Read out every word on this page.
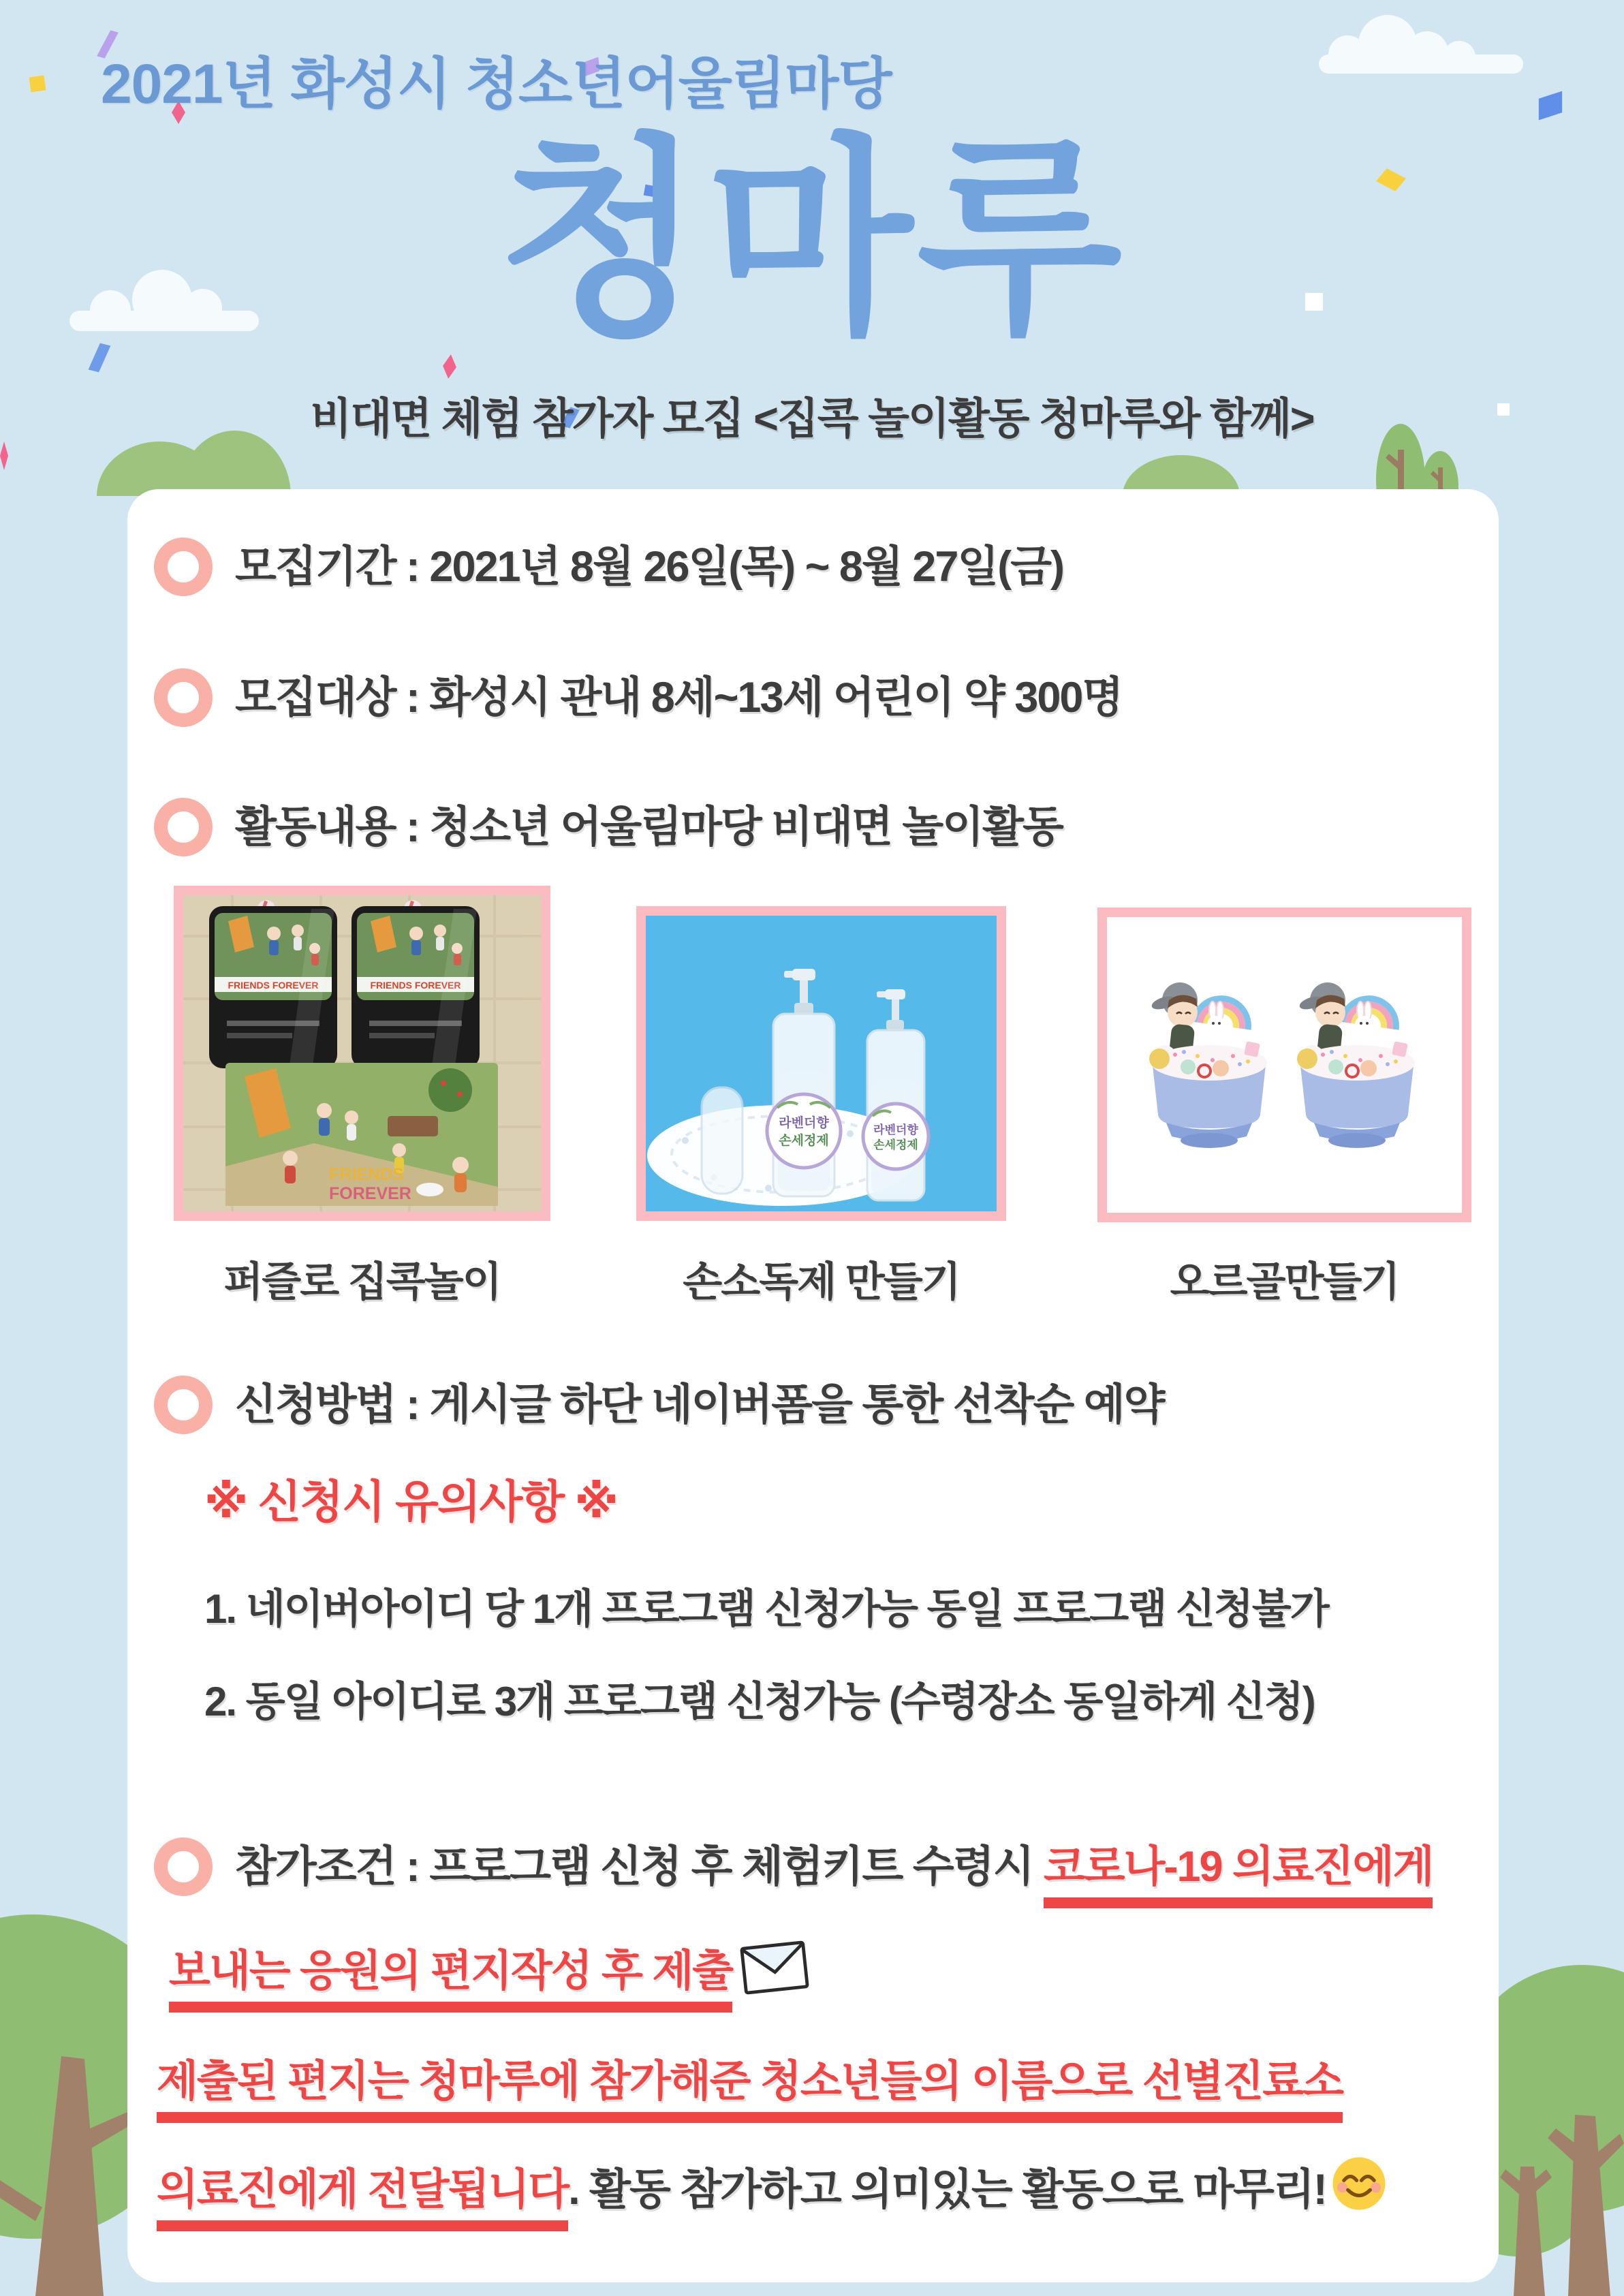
2021년 화성시 청소년어울림마당
청마루
비대면 체험 참가자 모집 <집콕 놀이활동 청마루와 함께>
모집기간 : 2021년 8월 26일(목) ~ 8월 27일(금)
모집대상 : 화성시 관내 8세~13세 어린이 약 300명
활동내용 : 청소년 어울림마당 비대면 놀이활동
FRIENDS FOREVER	FRIENDS FOREVER
FRIENDS
FOREVER
라벤더향
손세정제
라벤더향
손세정제
퍼즐로 집콕놀이	손소독제 만들기	오르골만들기
신청방법 : 게시글 하단 네이버폼을 통한 선착순 예약
※ 신청시 유의사항 ※
1. 네이버아이디 당 1개 프로그램 신청가능 동일 프로그램 신청불가
2. 동일 아이디로 3개 프로그램 신청가능 (수령장소 동일하게 신청)
참가조건 : 프로그램 신청 후 체험키트 수령시 코로나-19 의료진에게
보내는 응원의 편지작성 후 제출
제출된 편지는 청마루에 참가해준 청소년들의 이름으로 선별진료소
의료진에게 전달됩니다. 활동 참가하고 의미있는 활동으로 마무리!
